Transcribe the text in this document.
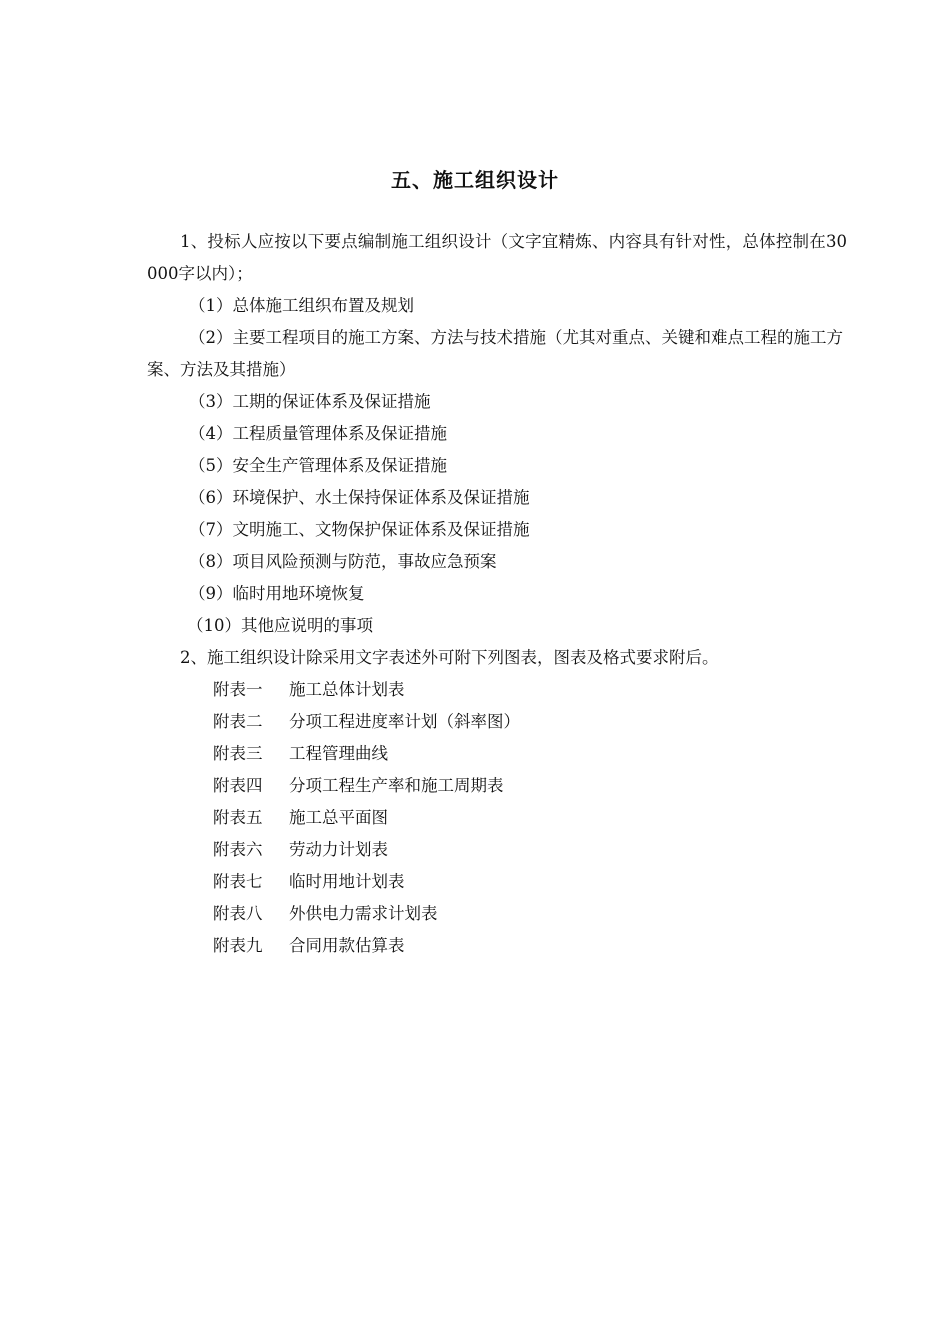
五、施工组织设计

1、投标人应按以下要点编制施工组织设计（文字宜精炼、内容具有针对性，总体控制在30000字以内）；

（1）总体施工组织布置及规划

（2）主要工程项目的施工方案、方法与技术措施（尤其对重点、关键和难点工程的施工方案、方法及其措施）

（3）工期的保证体系及保证措施

（4）工程质量管理体系及保证措施

（5）安全生产管理体系及保证措施

（6）环境保护、水土保持保证体系及保证措施

（7）文明施工、文物保护保证体系及保证措施

（8）项目风险预测与防范，事故应急预案

（9）临时用地环境恢复

（10）其他应说明的事项

2、施工组织设计除采用文字表述外可附下列图表，图表及格式要求附后。

附表一 施工总体计划表

附表二 分项工程进度率计划（斜率图）

附表三 工程管理曲线

附表四 分项工程生产率和施工周期表

附表五 施工总平面图

附表六 劳动力计划表

附表七 临时用地计划表

附表八 外供电力需求计划表

附表九 合同用款估算表
